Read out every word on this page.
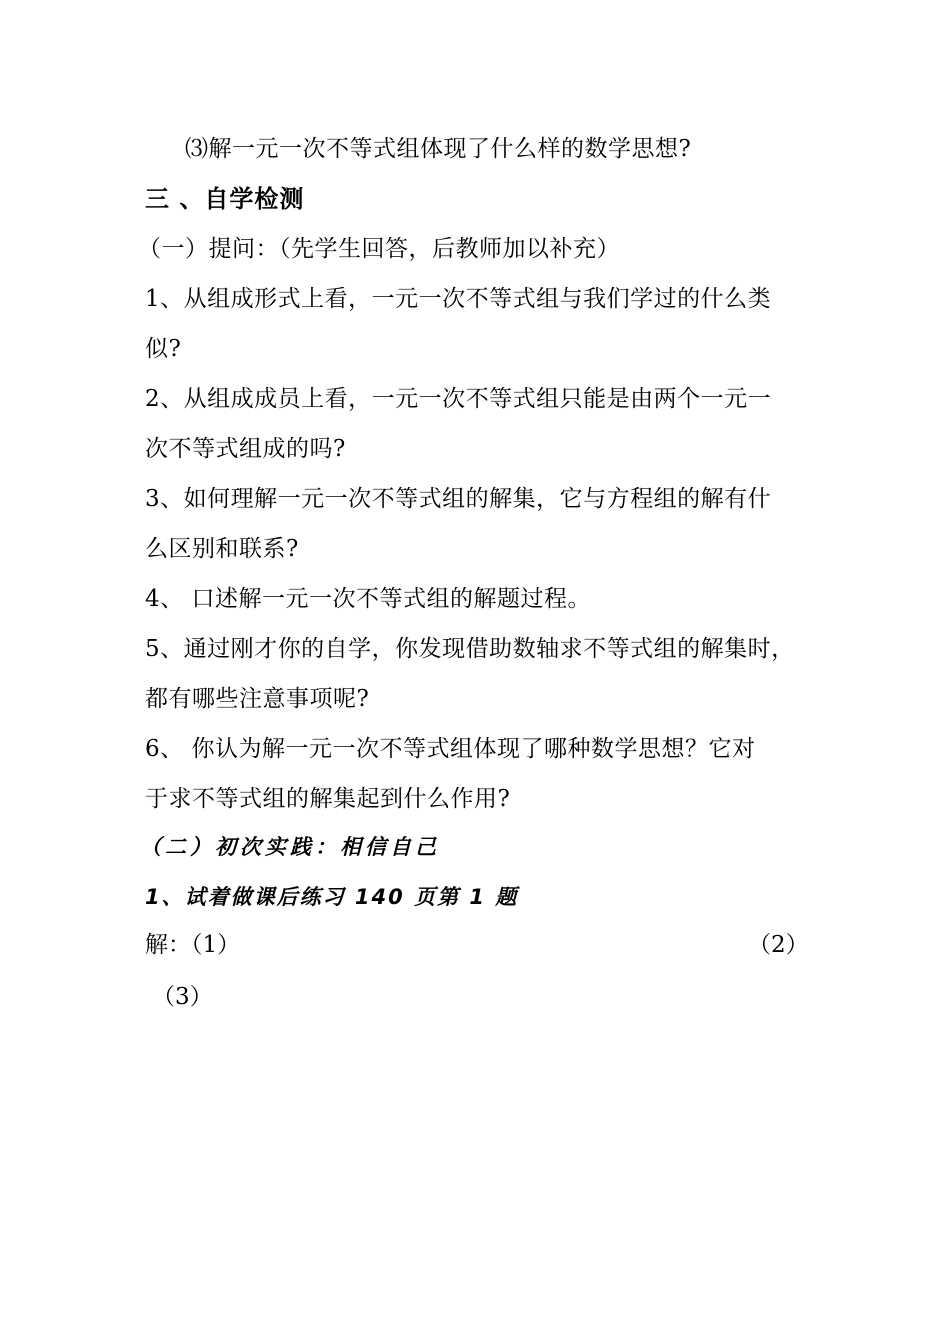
⑶解一元一次不等式组体现了什么样的数学思想?
三 、自学检测
（一）提问：（先学生回答，后教师加以补充）
1、从组成形式上看，一元一次不等式组与我们学过的什么类
似?
2、从组成成员上看，一元一次不等式组只能是由两个一元一
次不等式组成的吗?
3、如何理解一元一次不等式组的解集，它与方程组的解有什
么区别和联系?
4、 口述解一元一次不等式组的解题过程。
5、通过刚才你的自学，你发现借助数轴求不等式组的解集时，
都有哪些注意事项呢?
6、 你认为解一元一次不等式组体现了哪种数学思想？它对
于求不等式组的解集起到什么作用?
（二）初次实践：相信自己
1、试着做课后练习 140 页第 1 题
解：（1）	（2）
（3）
